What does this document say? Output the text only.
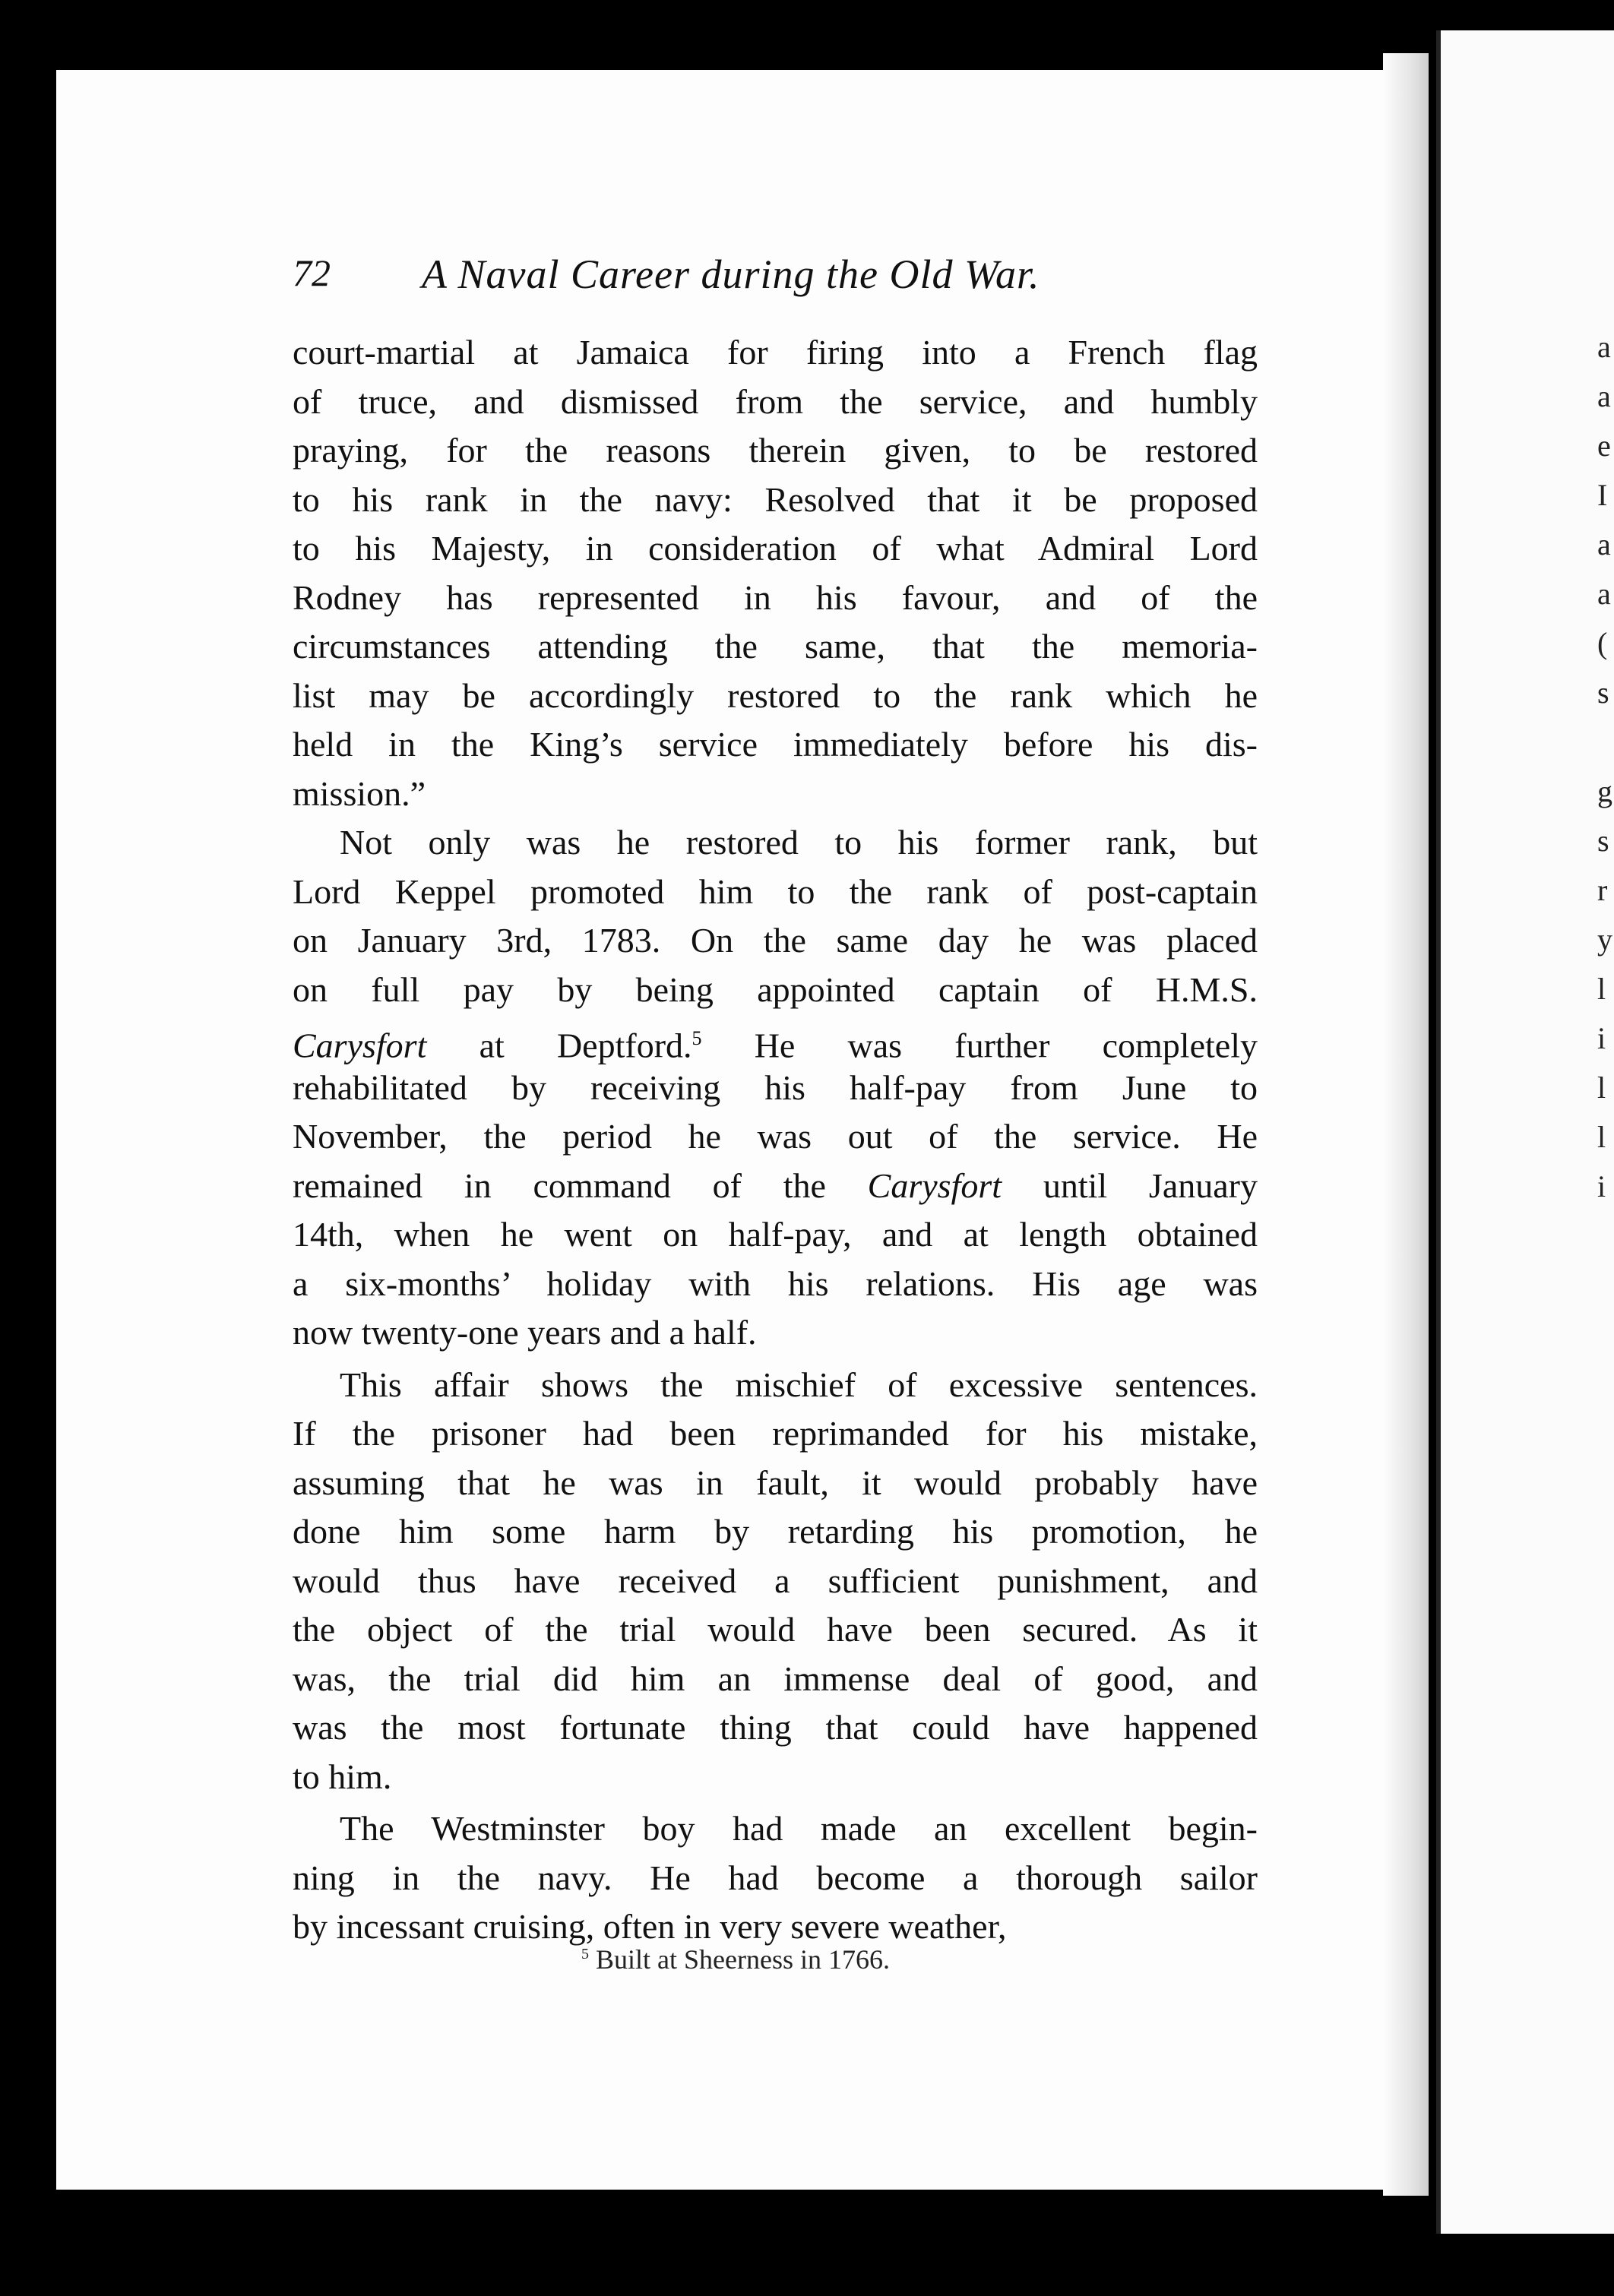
a
a
e
I
a
a
(
s
g
s
r
y
l
i
l
l
i
72 A Naval Career during the Old War.
court-martial at Jamaica for firing into a French flag
of truce, and dismissed from the service, and humbly
praying, for the reasons therein given, to be restored
to his rank in the navy: Resolved that it be proposed
to his Majesty, in consideration of what Admiral Lord
Rodney has represented in his favour, and of the
circumstances attending the same, that the memoria-
list may be accordingly restored to the rank which he
held in the King’s service immediately before his dis-
mission.”
Not only was he restored to his former rank, but
Lord Keppel promoted him to the rank of post-captain
on January 3rd, 1783. On the same day he was placed
on full pay by being appointed captain of H.M.S.
Carysfort at Deptford.$^5$ He was further completely
rehabilitated by receiving his half-pay from June to
November, the period he was out of the service. He
remained in command of the Carysfort until January
14th, when he went on half-pay, and at length obtained
a six-months’ holiday with his relations. His age was
now twenty-one years and a half.
This affair shows the mischief of excessive sentences.
If the prisoner had been reprimanded for his mistake,
assuming that he was in fault, it would probably have
done him some harm by retarding his promotion, he
would thus have received a sufficient punishment, and
the object of the trial would have been secured. As it
was, the trial did him an immense deal of good, and
was the most fortunate thing that could have happened
to him.
The Westminster boy had made an excellent begin-
ning in the navy. He had become a thorough sailor
by incessant cruising, often in very severe weather,
$^5$ Built at Sheerness in 1766.
